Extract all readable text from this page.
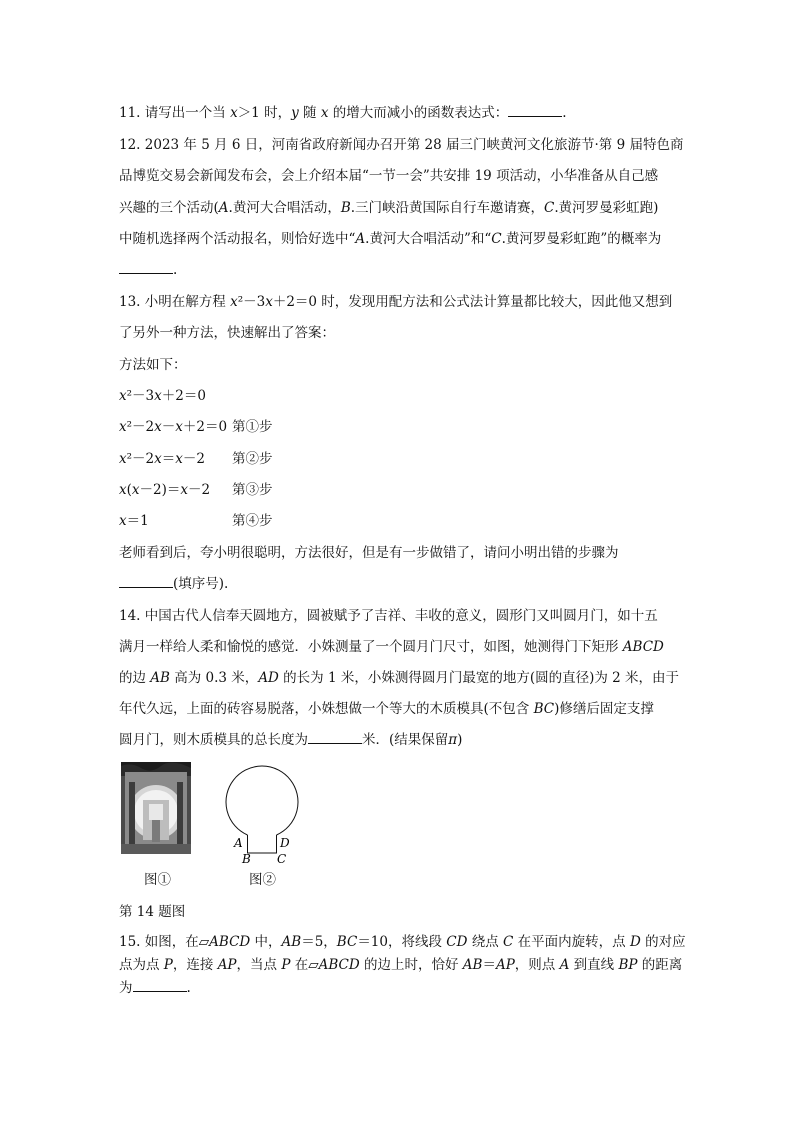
11. 请写出一个当 x＞1 时，y 随 x 的增大而减小的函数表达式：	.
12. 2023 年 5 月 6 日，河南省政府新闻办召开第 28 届三门峡黄河文化旅游节·第 9 届特色商
品博览交易会新闻发布会，会上介绍本届“一节一会”共安排 19 项活动，小华准备从自己感
兴趣的三个活动(A.黄河大合唱活动，B.三门峡沿黄国际自行车邀请赛，C.黄河罗曼彩虹跑)
中随机选择两个活动报名，则恰好选中“A.黄河大合唱活动”和“C.黄河罗曼彩虹跑”的概率为
.
13. 小明在解方程 x²－3x＋2＝0 时，发现用配方法和公式法计算量都比较大，因此他又想到
了另外一种方法，快速解出了答案：
方法如下：
x²－3x＋2＝0
x²－2x－x＋2＝0 第①步
x²－2x＝x－2 第②步
x(x－2)＝x－2 第③步
x＝1	第④步
老师看到后，夸小明很聪明，方法很好，但是有一步做错了，请问小明出错的步骤为
(填序号).
14. 中国古代人信奉天圆地方，圆被赋予了吉祥、丰收的意义，圆形门又叫圆月门，如十五
满月一样给人柔和愉悦的感觉．小姝测量了一个圆月门尺寸，如图，她测得门下矩形 ABCD
的边 AB 高为 0.3 米，AD 的长为 1 米，小姝测得圆月门最宽的地方(圆的直径)为 2 米，由于
年代久远，上面的砖容易脱落，小姝想做一个等大的木质模具(不包含 BC)修缮后固定支撑
圆月门，则木质模具的总长度为	米．(结果保留π)
图①
A	D
B C
图②
第 14 题图
15. 如图，在▱ABCD 中，AB＝5，BC＝10，将线段 CD 绕点 C 在平面内旋转，点 D 的对应
点为点 P，连接 AP，当点 P 在▱ABCD 的边上时，恰好 AB＝AP，则点 A 到直线 BP 的距离
为	.
